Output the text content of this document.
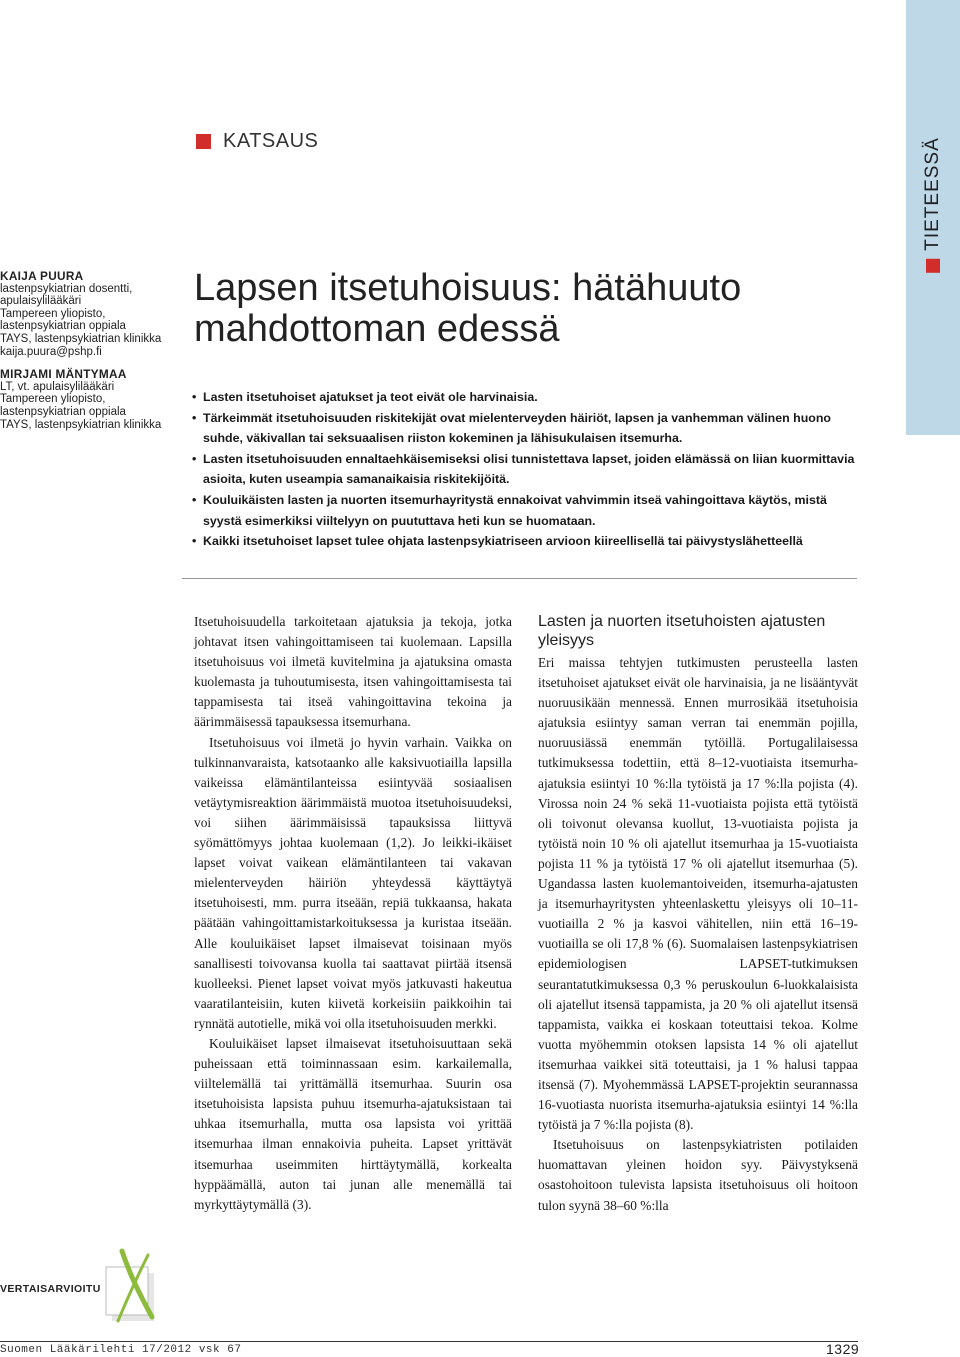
TIETEESSÄ
KATSAUS
KAIJA PUURA
lastenpsykiatrian dosentti,
apulaisylilääkäri
Tampereen yliopisto,
lastenpsykiatrian oppiala
TAYS, lastenpsykiatrian klinikka
kaija.puura@pshp.fi
MIRJAMI MÄNTYMAA
LT, vt. apulaisylilääkäri
Tampereen yliopisto,
lastenpsykiatrian oppiala
TAYS, lastenpsykiatrian klinikka
Lapsen itsetuhoisuus: hätähuuto mahdottoman edessä
• Lasten itsetuhoiset ajatukset ja teot eivät ole harvinaisia.
• Tärkeimmät itsetuhoisuuden riskitekijät ovat mielenterveyden häiriöt, lapsen ja vanhemman välinen huono suhde, väkivallan tai seksuaalisen riiston kokeminen ja lähisukulaisen itsemurha.
• Lasten itsetuhoisuuden ennaltaehkäisemiseksi olisi tunnistettava lapset, joiden elämässä on liian kuormittavia asioita, kuten useampia samanaikaisia riskitekijöitä.
• Kouluikäisten lasten ja nuorten itsemurhayritystä ennakoivat vahvimmin itseä vahingoittava käytös, mistä syystä esimerkiksi viiltelyyn on puututtava heti kun se huomataan.
• Kaikki itsetuhoiset lapset tulee ohjata lastenpsykiatriseen arvioon kiireellisellä tai päivystyslähetteellä

Itsetuhoisuudella tarkoitetaan ajatuksia ja tekoja, jotka johtavat itsen vahingoittamiseen tai kuolemaan. Lapsilla itsetuhoisuus voi ilmetä kuvitelmina ja ajatuksina omasta kuolemasta ja tuhoutumisesta, itsen vahingoittamisesta tai tappamisesta tai itseä vahingoittavina tekoina ja äärimmäisessä tapauksessa itsemurhana.

Itsetuhoisuus voi ilmetä jo hyvin varhain. Vaikka on tulkinnanvaraista, katsotaanko alle kaksivuotiailla lapsilla vaikeissa elämäntilanteissa esiintyvää sosiaalisen vetäytymisreaktion äärimmäistä muotoa itsetuhoisuudeksi, voi siihen äärimmäisissä tapauksissa liittyvä syömättömyys johtaa kuolemaan (1,2). Jo leikki-ikäiset lapset voivat vaikean elämäntilanteen tai vakavan mielenterveyden häiriön yhteydessä käyttäytyä itsetuhoisesti, mm. purra itseään, repiä tukkaansa, hakata päätään vahingoittamistarkoituksessa ja kuristaa itseään. Alle kouluikäiset lapset ilmaisevat toisinaan myös sanallisesti toivovansa kuolla tai saattavat piirtää itsensä kuolleeksi. Pienet lapset voivat myös jatkuvasti hakeutua vaaratilanteisiin, kuten kiivetä korkeisiin paikkoihin tai rynnätä autotielle, mikä voi olla itsetuhoisuuden merkki.

Kouluikäiset lapset ilmaisevat itsetuhoisuuttaan sekä puheissaan että toiminnassaan esim. karkailemalla, viiltelemällä tai yrittämällä itsemurhaa. Suurin osa itsetuhoisista lapsista puhuu itsemurha-ajatuksistaan tai uhkaa itsemurhalla, mutta osa lapsista voi yrittää itsemurhaa ilman ennakoivia puheita. Lapset yrittävät itsemurhaa useimmiten hirttäytymällä, korkealta hyppäämällä, auton tai junan alle menemällä tai myrkyttäytymällä (3).

Lasten ja nuorten itsetuhoisten ajatusten yleisyys

Eri maissa tehtyjen tutkimusten perusteella lasten itsetuhoiset ajatukset eivät ole harvinaisia, ja ne lisääntyvät nuoruusikään mennessä. Ennen murrosikää itsetuhoisia ajatuksia esiintyy saman verran tai enemmän pojilla, nuoruusiässä enemmän tytöillä. Portugalilaisessa tutkimuksessa todettiin, että 8–12-vuotiaista itsemurha-ajatuksia esiintyi 10 %:lla tytöistä ja 17 %:lla pojista (4). Virossa noin 24 % sekä 11-vuotiaista pojista että tytöistä oli toivonut olevansa kuollut, 13-vuotiaista pojista ja tytöistä noin 10 % oli ajatellut itsemurhaa ja 15-vuotiaista pojista 11 % ja tytöistä 17 % oli ajatellut itsemurhaa (5). Ugandassa lasten kuolemantoiveiden, itsemurha-ajatusten ja itsemurhayritysten yhteenlaskettu yleisyys oli 10–11-vuotiailla 2 % ja kasvoi vähitellen, niin että 16–19-vuotiailla se oli 17,8 % (6). Suomalaisen lastenpsykiatrisen epidemiologisen LAPSET-tutkimuksen seurantatutkimuksessa 0,3 % peruskoulun 6-luokkalaisista oli ajatellut itsensä tappamista, ja 20 % oli ajatellut itsensä tappamista, vaikka ei koskaan toteuttaisi tekoa. Kolme vuotta myöhemmin otoksen lapsista 14 % oli ajatellut itsemurhaa vaikkei sitä toteuttaisi, ja 1 % halusi tappaa itsensä (7). Myohemmässä LAPSET-projektin seurannassa 16-vuotiasta nuorista itsemurha-ajatuksia esiintyi 14 %:lla tytöistä ja 7 %:lla pojista (8).

Itsetuhoisuus on lastenpsykiatristen potilaiden huomattavan yleinen hoidon syy. Päivystyksenä osastohoitoon tulevista lapsista itsetuhoisuus oli hoitoon tulon syynä 38–60 %:lla

VERTAISARVIOITU
Suomen Lääkärilehti 17/2012 vsk 67	1329
